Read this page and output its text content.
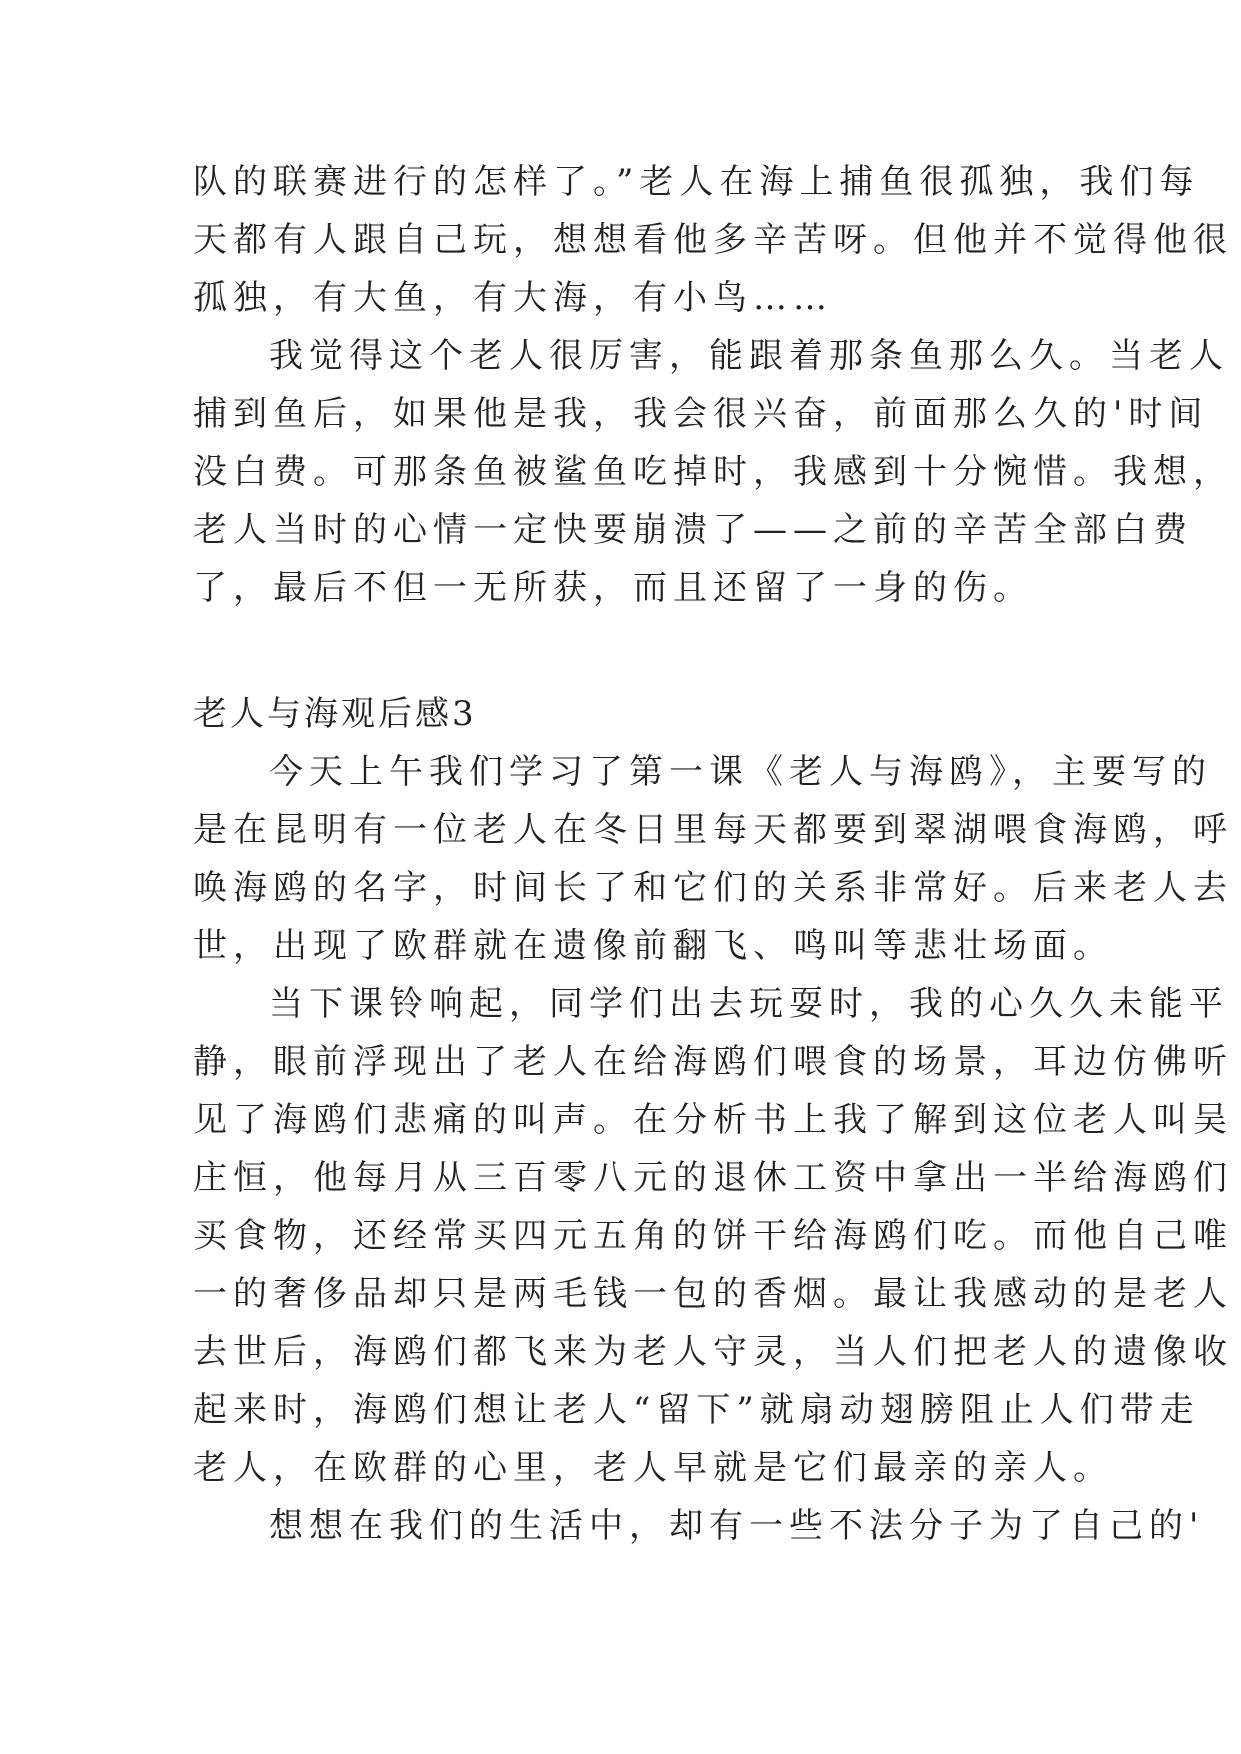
队的联赛进行的怎样了。”老人在海上捕鱼很孤独，我们每
天都有人跟自己玩，想想看他多辛苦呀。但他并不觉得他很
孤独，有大鱼，有大海，有小鸟……
我觉得这个老人很厉害，能跟着那条鱼那么久。当老人
捕到鱼后，如果他是我，我会很兴奋，前面那么久的'时间
没白费。可那条鱼被鲨鱼吃掉时，我感到十分惋惜。我想，
老人当时的心情一定快要崩溃了——之前的辛苦全部白费
了，最后不但一无所获，而且还留了一身的伤。
老人与海观后感3
今天上午我们学习了第一课《老人与海鸥》，主要写的
是在昆明有一位老人在冬日里每天都要到翠湖喂食海鸥，呼
唤海鸥的名字，时间长了和它们的关系非常好。后来老人去
世，出现了欧群就在遗像前翻飞、鸣叫等悲壮场面。
当下课铃响起，同学们出去玩耍时，我的心久久未能平
静，眼前浮现出了老人在给海鸥们喂食的场景，耳边仿佛听
见了海鸥们悲痛的叫声。在分析书上我了解到这位老人叫吴
庄恒，他每月从三百零八元的退休工资中拿出一半给海鸥们
买食物，还经常买四元五角的饼干给海鸥们吃。而他自己唯
一的奢侈品却只是两毛钱一包的香烟。最让我感动的是老人
去世后，海鸥们都飞来为老人守灵，当人们把老人的遗像收
起来时，海鸥们想让老人“留下”就扇动翅膀阻止人们带走
老人，在欧群的心里，老人早就是它们最亲的亲人。
想想在我们的生活中，却有一些不法分子为了自己的'
